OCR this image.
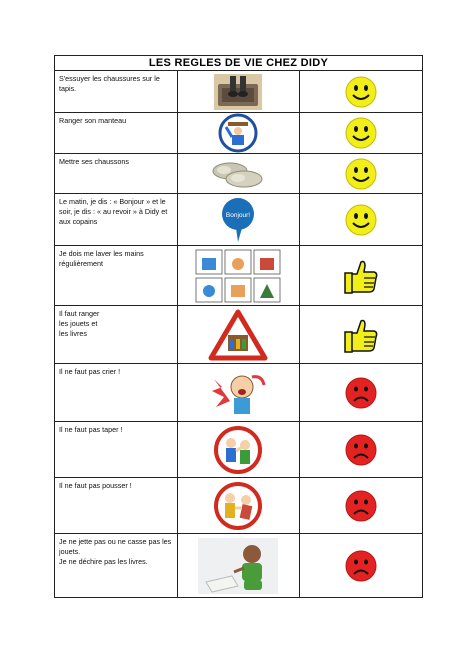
LES REGLES DE VIE CHEZ DIDY		
S'essuyer les chaussures sur le tapis.	

Ranger son manteau	

Mettre ses chaussons	

Le matin, je dis : « Bonjour » et le soir, je dis : « au revoir » à Didy et aux copains	Bonjour!

Je dois me laver les mains régulièrement	

Il faut ranger
les jouets et
les livres	

Il ne faut pas crier !	

Il ne faut pas taper !	

Il ne faut pas pousser !	

Je ne jette pas ou ne casse pas les jouets.
Je ne déchire pas les livres.	
